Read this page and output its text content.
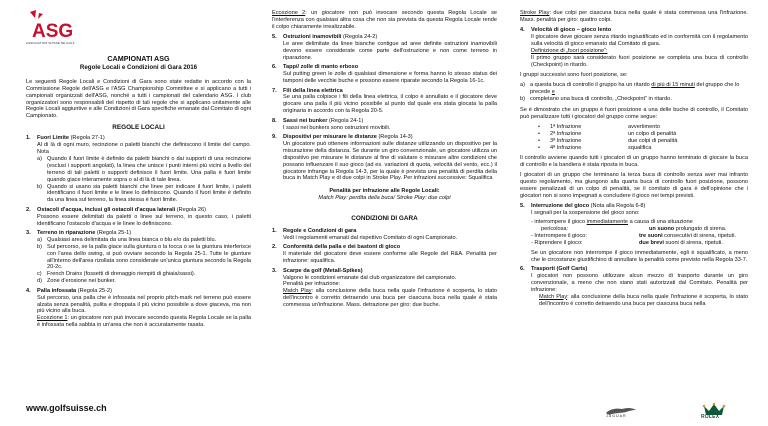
ASG
ASSOCIATION SUISSE DE GOLF
CAMPIONATI ASG
Regole Locali e Condizioni di Gara 2016

Le seguenti Regole Locali e Condizioni di Gara sono state redatte in accordo con la Commissione Regole dell'ASG e l'ASG Championship Committee e si applicano a tutti i campionati organizzati dell'ASG, nonché a tutti i campionati del calendario ASG. I club organizzatori sono responsabili del rispetto di tali regole che si applicano unitamente alle Regole Locali aggiuntive e alle Condizioni di Gara specifiche emanate dal Comitato di ogni Campionato.

REGOLE LOCALI
1.	Fuori Limite (Regola 27-1)
Al di là di ogni muro, recinzione o paletti bianchi che definiscono il limite del campo. Nota
a) Quando il fuori limite è definito da paletti bianchi o dai supporti di una recinzione (esclusi i supporti angolati), la linea che unisce i punti interni più vicini a livello del terreno di tali paletti o supporti definisce il fuori limite. Una palla è fuori limite quando giace interamente sopra o al di là di tale linea.
b) Quando si usano sia paletti bianchi che linee per indicare il fuori limite, i paletti identificano il fuori limite e le linee lo definiscono. Quando il fuori limite è definito da una linea sul terreno, la linea stessa è fuori limite.
2.	Ostacoli d'acqua, inclusi gli ostacoli d'acqua laterali (Regola 26)
Possono essere delimitati da paletti o linee sul terreno, in questo caso, i paletti identificano l'ostacolo d'acqua e le linee lo definiscono.
3.	Terreno in riparazione (Regola 25-1)
a) Qualsiasi area delimitata da una linea bianca o blu e/o da paletti blu.
b) Sul percorso, se la palla giace sulla giuntura o la tocca o se la giuntura interferisce con l'area dello swing, si può ovviare secondo la Regola 25-1. Tutte le giunture all'interno dell'area rizollata sono considerate un'unica giuntura secondo la Regola 20-2c.
c) French Drains (fossetti di drenaggio riempiti di ghiaia/sassi).
d) Zone d'erosione nei bunker.
4.	Palla infossata (Regola 25-2)
Sul percorso, una palla che è infossata nel proprio pitch-mark nel terreno può essere alzata senza penalità, pulita e droppata il più vicino possibile a dove giaceva, ma non più vicino alla buca.
Eccezione 1: un giocatore non può invocare secondo questa Regola Locale se la palla è infossata nella sabbia in un'area che non è accuratamente rasata.
www.golfsuisse.ch

Eccezione 2: un giocatore non può invocare secondo questa Regola Locale se l'interferenza con qualsiasi altra cosa che non sia prevista da questa Regola Locale rende il colpo chiaramente irrealizzabile.

5.	Ostruzioni inamovibili (Regola 24-2)
Le aree delimitate da linee bianche contigue ad aree definite ostruzioni inamovibili devono essere considerate come parte dell'ostruzione e non come terreno in riparazione.
6.	Tappi/ zolle di manto erboso
Sul putting green le zolle di qualsiasi dimensione e forma hanno lo stesso status dei tamponi delle vecchie buche e possono essere riparate secondo la Regola 16-1c.
7.	Fili della linea elettrica
Se una palla colpisce i fili della linea elettrica, il colpo è annullato e il giocatore deve giocare una palla il più vicino possibile al punto dal quale era stata giocata la palla originaria in accordo con la Regola 20-5.
8.	Sassi nei bunker (Regola 24-1)
I sassi nei bunkers sono ostruzioni movibili.
9.	Dispositivi per misurare le distanze (Regola 14-3)
Un giocatore può ottenere informazioni sulle distanze utilizzando un dispositivo per la misurazione della distanza. Se durante un giro convenzionale, un giocatore utilizza un dispositivo per misurare le distanze al fine di valutare o misurare altre condizioni che possano influenzare il suo gioco (ad es. variazioni di quota, velocità del vento, ecc.) il giocatore infrange la Regola 14-3, per la quale è prevista una penalità di perdita della buca in Match Play e di due colpi in Stroke Play. Per infrazioni successive: Squalifica
Penalità per infrazione alle Regole Locali:
Match Play: perdita della buca/ Stroke Play: due colpi
CONDIZIONI DI GARA
1.	Regole e Condizioni di gara
Vedi i regolamenti emanati dal rispettivo Comitato di ogni Campionato.
2.	Conformità della palla e dei bastoni di gioco
Il materiale del giocatore deve essere conforme alle Regole del R&A. Penalità per infrazione: squalifica.
3.	Scarpe da golf (Metall-Spikes)
Valgono le condizioni emanate dal club organizzatore del campionato.
Penalità per infrazione:
Match Play: alla conclusione della buca nella quale l'infrazione è scoperta, lo stato dell'incontro è corretto detraendo una buca per ciascuna buca nella quale è stata commessa un'infrazione. Mass. detrazione per giro: due buche.

Stroke Play: due colpi per ciascuna buca nella quale è stata commessa una l'infrazione. Mass. penalità per giro: quattro colpi.

4.	Velocità di gioco – gioco lento
Il giocatore deve giocare senza ritardo ingiustificato ed in conformità con il regolamento sulla velocità di gioco emanato dal Comitato di gara.
Definizione di „fuori posizione“:
Il primo gruppo sarà considerato fuori posizione se completa una buca di controllo (Checkpoint) in ritardo.

I gruppi successivi sono fuori posizione, se:

a) a questa buca di controllo il gruppo ha un ritardo di più di 15 minuti del gruppo che lo precede e
b) completano una buca di controllo, „Checkpoint“ in ritardo.

Se è dimostrato che un gruppo è fuori posizione a una delle buche di controllo, il Comitato può penalizzare tutti i giocatori del gruppo come segue:

•	1ª Infrazione	avvertimento
•	2ª Infrazione	un colpo di penalità
•	3ª Infrazione	due colpi di penalità
•	4ª Infrazione	squalifica

Il controllo avviene quando tutti i giocatori di un gruppo hanno terminato di giocare la buca di controllo e la bandiera è stata riposta in buca.

I giocatori di un gruppo che terminano la terza buca di controllo senza aver mai infranto questo regolamento, ma giungono alla quarta buca di controllo fuori posizione, possono essere penalizzati di un colpo di penalità, se il comitato di gara è dell'opinione che i giocatori non si sono impegnati a concludere il gioco nei tempi previsti.

5.	Interruzione del gioco (Nota alla Regola 6-8)
I segnali per la sospensione del gioco sono:
- interrompere il gioco immediatamente a causa di una situazione
pericolosa:	un suono prolungato di sirena.
- Interrompere il gioco:	tre suoni consecutivi di sirena, ripetuti.
- Riprendere il gioco:	due brevi suoni di sirena, ripetuti.
Se un giocatore non interrompe il gioco immediatamente, egli è squalificato, a meno che le circostanze giustifichino di annullare la penalità come previsto nella Regola 33-7.
6.	Trasporti (Golf Carts)
I giocatori non possono utilizzare alcun mezzo di trasporto durante un giro convenzionale, a meno che non siano stati autorizzati dal Comitato. Penalità per infrazione:
Match Play: alla conclusione della buca nella quale l'infrazione è scoperta, lo stato dell'incontro è corretto detraendo una buca per ciascuna buca nella
JAGUAR	ROLEX
